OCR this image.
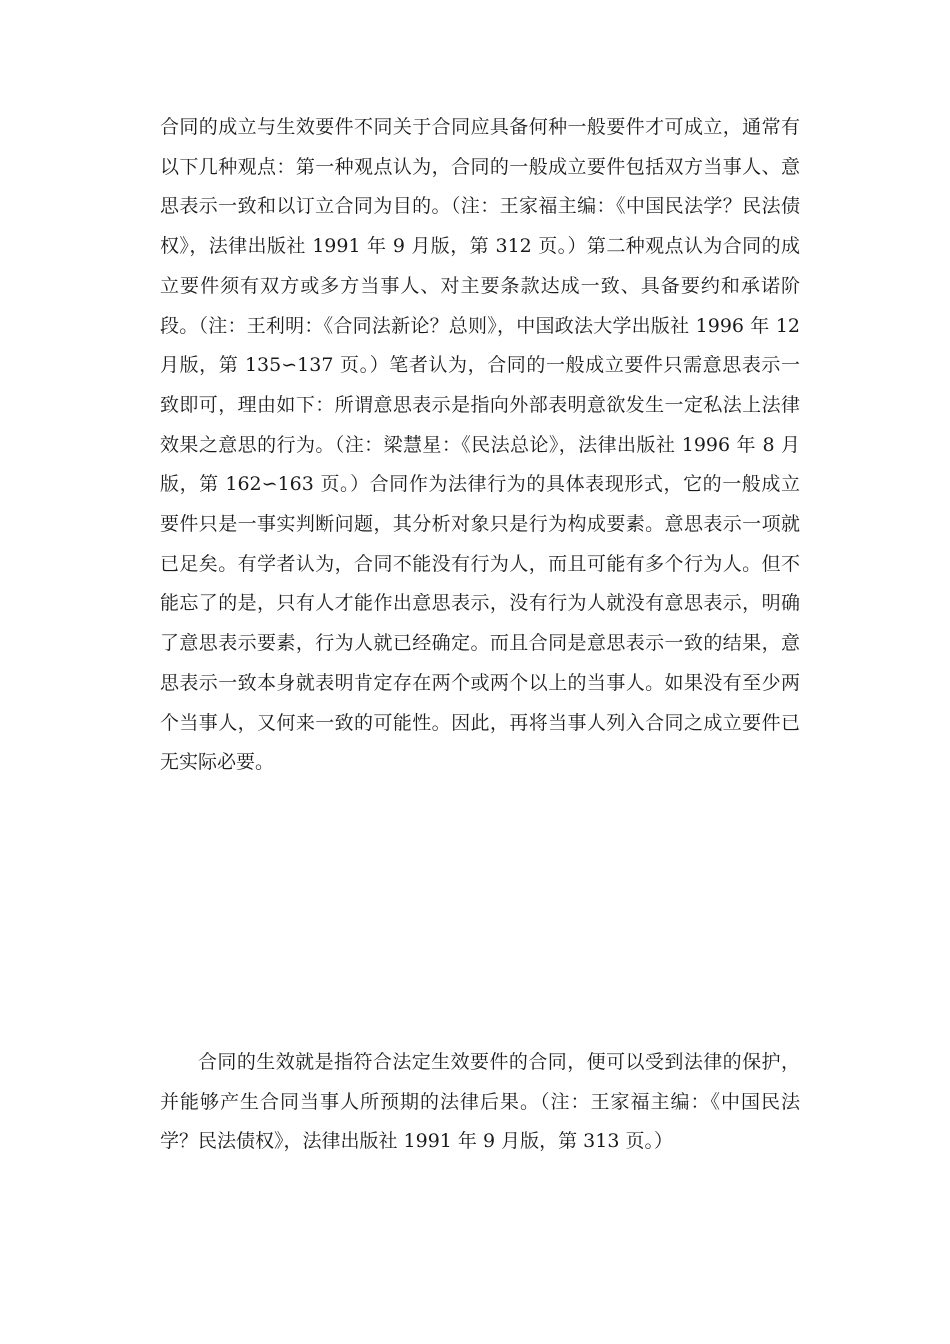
合同的成立与生效要件不同关于合同应具备何种一般要件才可成立，通常有以下几种观点：第一种观点认为，合同的一般成立要件包括双方当事人、意思表示一致和以订立合同为目的。（注：王家福主编：《中国民法学？民法债权》，法律出版社 1991 年 9 月版，第 312 页。）第二种观点认为合同的成立要件须有双方或多方当事人、对主要条款达成一致、具备要约和承诺阶段。（注：王利明：《合同法新论？总则》，中国政法大学出版社 1996 年 12 月版，第 135∽137 页。）笔者认为，合同的一般成立要件只需意思表示一致即可，理由如下：所谓意思表示是指向外部表明意欲发生一定私法上法律效果之意思的行为。（注：梁慧星：《民法总论》，法律出版社 1996 年 8 月版，第 162∽163 页。）合同作为法律行为的具体表现形式，它的一般成立要件只是一事实判断问题，其分析对象只是行为构成要素。意思表示一项就已足矣。有学者认为，合同不能没有行为人，而且可能有多个行为人。但不能忘了的是，只有人才能作出意思表示，没有行为人就没有意思表示，明确了意思表示要素，行为人就已经确定。而且合同是意思表示一致的结果，意思表示一致本身就表明肯定存在两个或两个以上的当事人。如果没有至少两个当事人，又何来一致的可能性。因此，再将当事人列入合同之成立要件已无实际必要。

合同的生效就是指符合法定生效要件的合同，便可以受到法律的保护，并能够产生合同当事人所预期的法律后果。（注：王家福主编：《中国民法学？民法债权》，法律出版社 1991 年 9 月版，第 313 页。）
